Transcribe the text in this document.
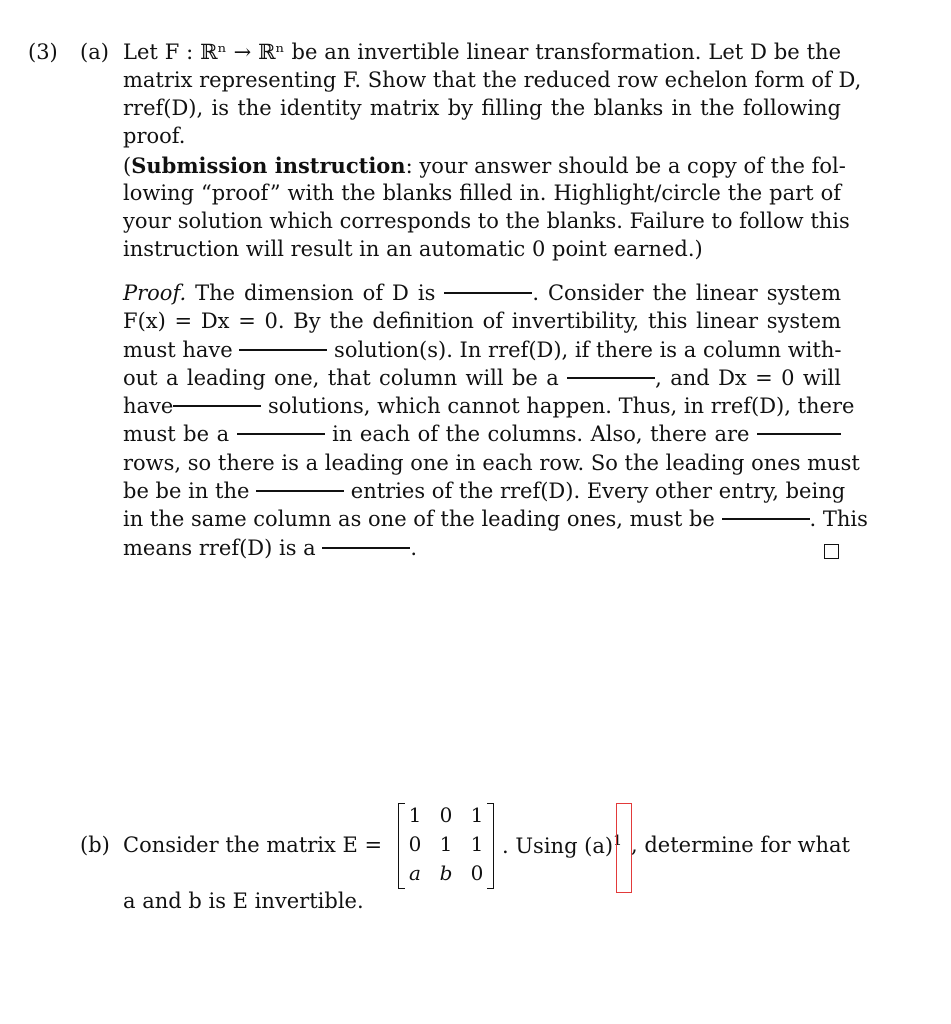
(3) (a) Let F : ℝⁿ → ℝⁿ be an invertible linear transformation. Let D be the
matrix representing F. Show that the reduced row echelon form of D,
rref(D), is the identity matrix by filling the blanks in the following
proof.
(Submission instruction: your answer should be a copy of the fol-
lowing “proof” with the blanks filled in. Highlight/circle the part of
your solution which corresponds to the blanks. Failure to follow this
instruction will result in an automatic 0 point earned.)
Proof. The dimension of D is	. Consider the linear system
F(x) = Dx = 0. By the definition of invertibility, this linear system
must have	solution(s). In rref(D), if there is a column with-
out a leading one, that column will be a	, and Dx = 0 will
have	solutions, which cannot happen. Thus, in rref(D), there
must be a	in each of the columns. Also, there are
rows, so there is a leading one in each row. So the leading ones must
be be in the	entries of the rref(D). Every other entry, being
in the same column as one of the leading ones, must be	. This
means rref(D) is a	.
(b) Consider the matrix E =
1 0 1
0 1 1
a b 0
. Using $(a)^1$ , determine for what
a and b is E invertible.
